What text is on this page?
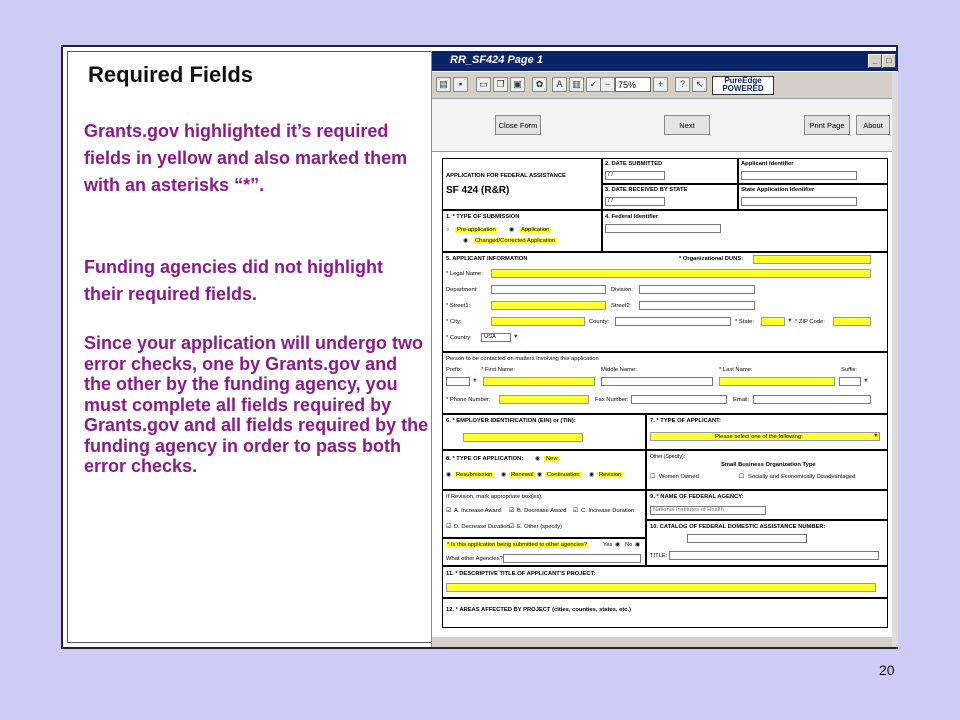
Required Fields
Grants.gov highlighted it’s required fields in yellow and also marked them with an asterisks “*”.
Funding agencies did not highlight their required fields.
Since your application will undergo two error checks, one by Grants.gov and the other by the funding agency, you must complete all fields required by Grants.gov and all fields required by the funding agency in order to pass both error checks.
RR_SF424 Page 1	_	□
▤	▪	▭ ❐ ▣	✿	A	▥ ✓ − 75%	+	?	↖	PureEdge POWERED
Close Form	Next	Print Page	About
APPLICATION FOR FEDERAL ASSISTANCE
SF 424 (R&R)
2. DATE SUBMITTED
/ /
Applicant Identifier
3. DATE RECEIVED BY STATE
/ /
State Application Identifier
1. * TYPE OF SUBMISSION
○	Pre-application	◉	Application
◉	Changed/Corrected Application
4. Federal Identifier
5. APPLICANT INFORMATION	* Organizational DUNS:
* Legal Name:
Department:	Division:
* Street1:	Street2:
* City:	County:	* State:	▼ * ZIP Code:
* Country: USA	▼
Person to be contacted on matters involving this application
Prefix:	* First Name:	Middle Name:	* Last Name:	Suffix:
▼	▼
* Phone Number:	Fax Number:	Email:
6. * EMPLOYER IDENTIFICATION (EIN) or (TIN):	7. * TYPE OF APPLICANT:
Please select one of the following	▼
8. * TYPE OF APPLICATION: ◉	New
◉ Resubmission	◉ Renewal ◉ Continuation	◉ Revision
Other (Specify):
Small Business Organization Type
☐ Women Owned	☐ Socially and Economically Disadvantaged
If Revision, mark appropriate box(es).
☑ A. Increase Award ☑ B. Decrease Award ☑ C. Increase Duration
☑ D. Decrease Duration ☑ E. Other (specify)
9. * NAME OF FEDERAL AGENCY:
National Institutes of Health
10. CATALOG OF FEDERAL DOMESTIC ASSISTANCE NUMBER:
TITLE:
* Is this application being submitted to other agencies?	Yes ◉ No ◉
What other Agencies?
11. * DESCRIPTIVE TITLE OF APPLICANT'S PROJECT:
12. * AREAS AFFECTED BY PROJECT (cities, counties, states, etc.)
20
